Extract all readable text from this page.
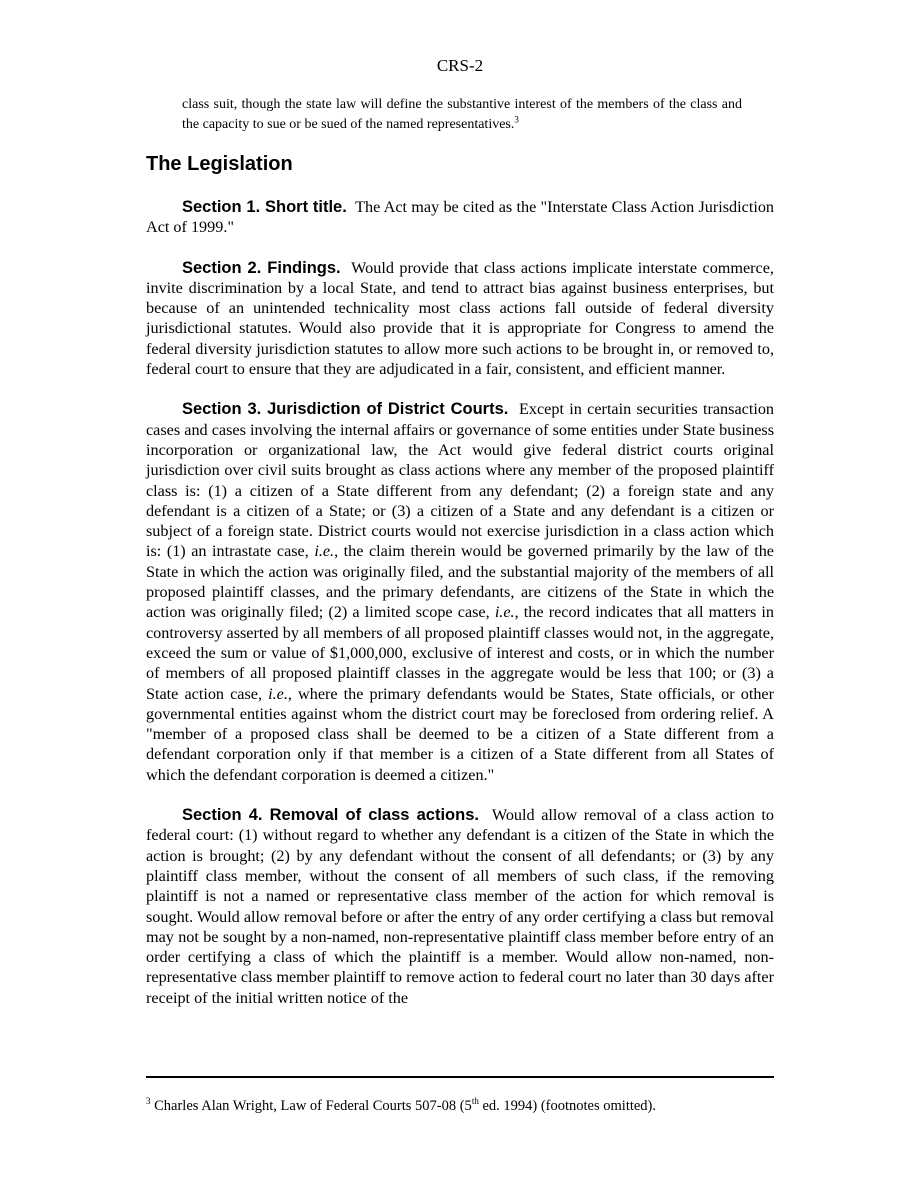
CRS-2
class suit, though the state law will define the substantive interest of the members of the class and the capacity to sue or be sued of the named representatives.$^3$
The Legislation

Section 1. Short title. The Act may be cited as the "Interstate Class Action Jurisdiction Act of 1999."

Section 2. Findings. Would provide that class actions implicate interstate commerce, invite discrimination by a local State, and tend to attract bias against business enterprises, but because of an unintended technicality most class actions fall outside of federal diversity jurisdictional statutes. Would also provide that it is appropriate for Congress to amend the federal diversity jurisdiction statutes to allow more such actions to be brought in, or removed to, federal court to ensure that they are adjudicated in a fair, consistent, and efficient manner.

Section 3. Jurisdiction of District Courts. Except in certain securities transaction cases and cases involving the internal affairs or governance of some entities under State business incorporation or organizational law, the Act would give federal district courts original jurisdiction over civil suits brought as class actions where any member of the proposed plaintiff class is: (1) a citizen of a State different from any defendant; (2) a foreign state and any defendant is a citizen of a State; or (3) a citizen of a State and any defendant is a citizen or subject of a foreign state. District courts would not exercise jurisdiction in a class action which is: (1) an intrastate case, i.e., the claim therein would be governed primarily by the law of the State in which the action was originally filed, and the substantial majority of the members of all proposed plaintiff classes, and the primary defendants, are citizens of the State in which the action was originally filed; (2) a limited scope case, i.e., the record indicates that all matters in controversy asserted by all members of all proposed plaintiff classes would not, in the aggregate, exceed the sum or value of $1,000,000, exclusive of interest and costs, or in which the number of members of all proposed plaintiff classes in the aggregate would be less that 100; or (3) a State action case, i.e., where the primary defendants would be States, State officials, or other governmental entities against whom the district court may be foreclosed from ordering relief. A "member of a proposed class shall be deemed to be a citizen of a State different from a defendant corporation only if that member is a citizen of a State different from all States of which the defendant corporation is deemed a citizen."

Section 4. Removal of class actions. Would allow removal of a class action to federal court: (1) without regard to whether any defendant is a citizen of the State in which the action is brought; (2) by any defendant without the consent of all defendants; or (3) by any plaintiff class member, without the consent of all members of such class, if the removing plaintiff is not a named or representative class member of the action for which removal is sought. Would allow removal before or after the entry of any order certifying a class but removal may not be sought by a non-named, non-representative plaintiff class member before entry of an order certifying a class of which the plaintiff is a member. Would allow non-named, non-representative class member plaintiff to remove action to federal court no later than 30 days after receipt of the initial written notice of the

$^3$ Charles Alan Wright, Law of Federal Courts 507-08 (5th ed. 1994) (footnotes omitted).
